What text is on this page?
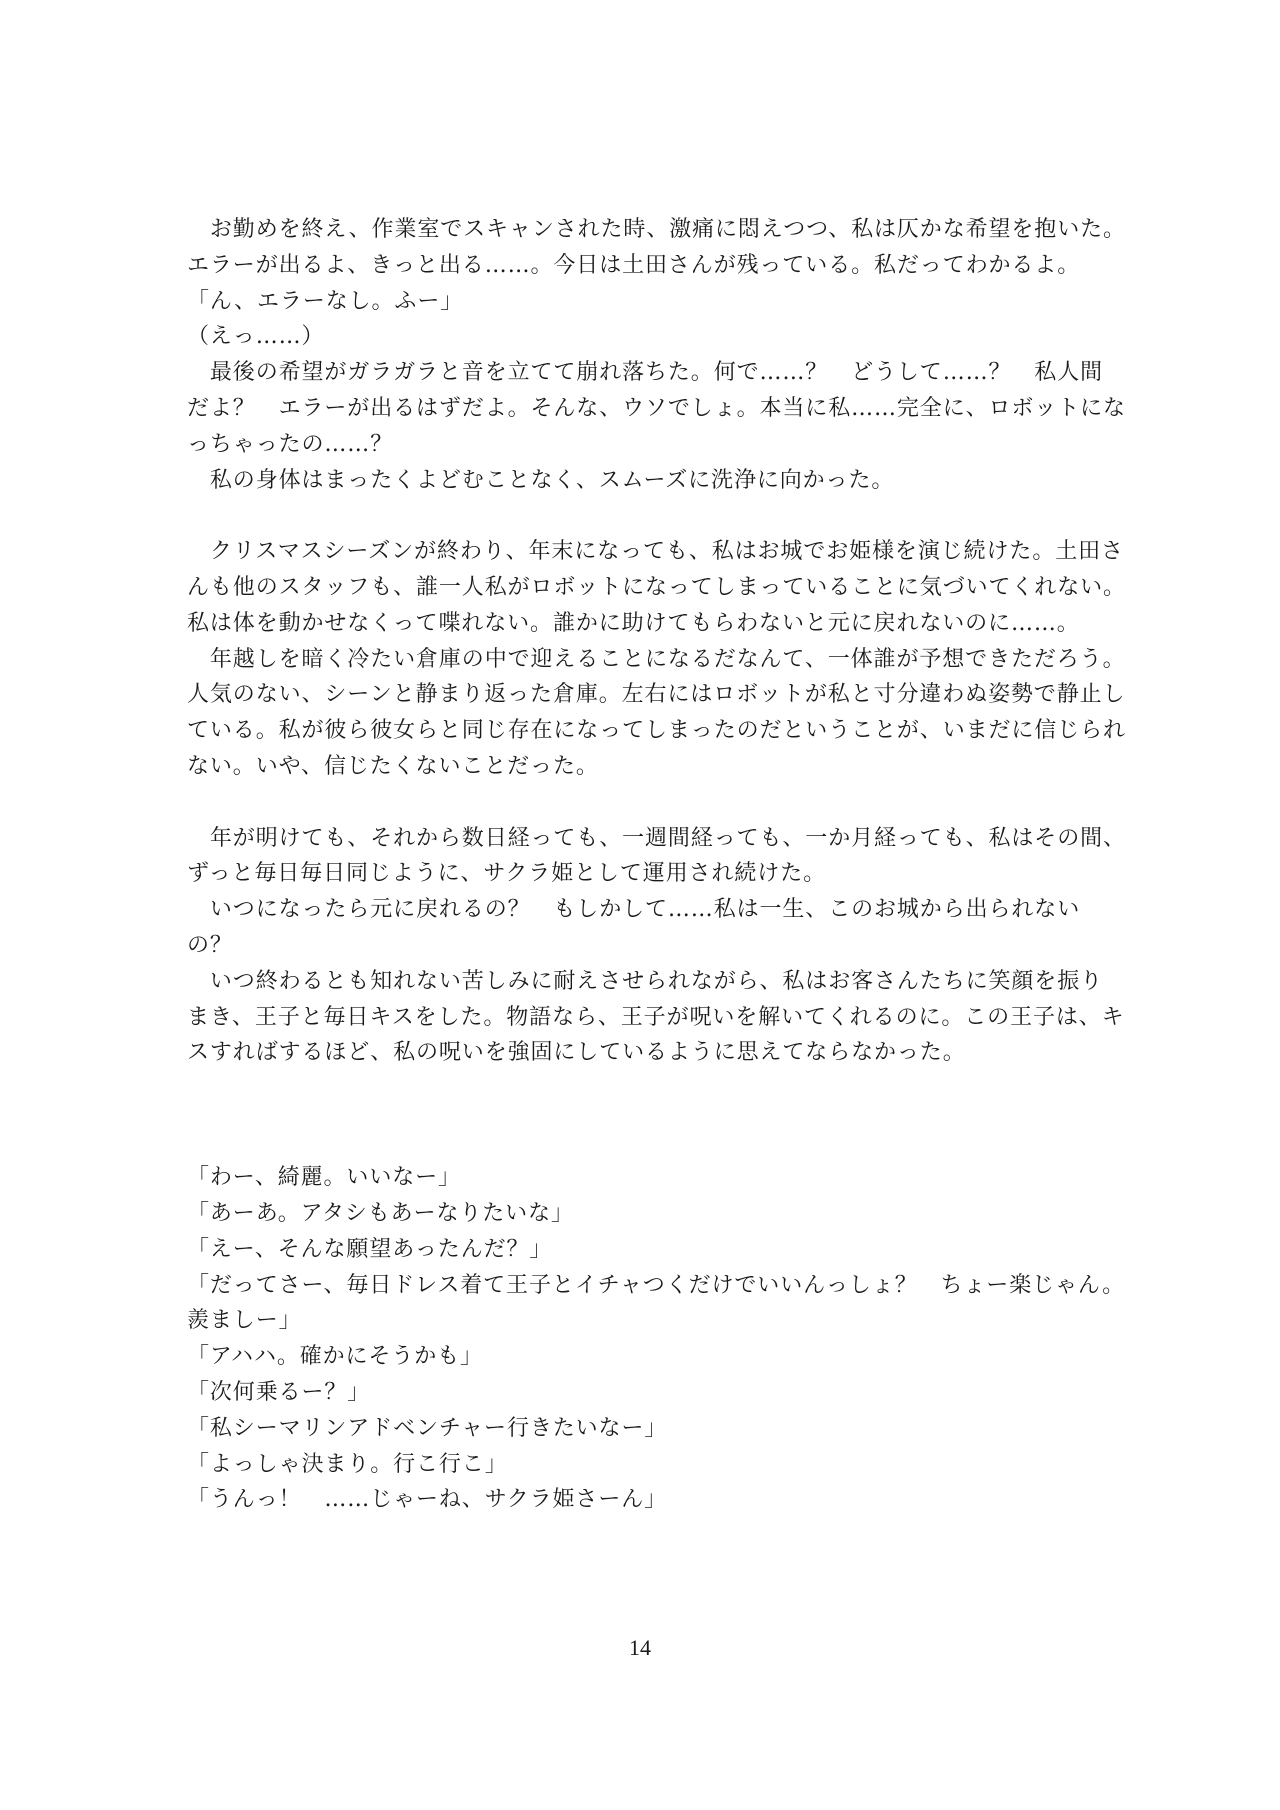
　お勤めを終え、作業室でスキャンされた時、激痛に悶えつつ、私は仄かな希望を抱いた。
エラーが出るよ、きっと出る……。今日は土田さんが残っている。私だってわかるよ。
「ん、エラーなし。ふー」
（えっ……）
　最後の希望がガラガラと音を立てて崩れ落ちた。何で……？　どうして……？　私人間
だよ？　エラーが出るはずだよ。そんな、ウソでしょ。本当に私……完全に、ロボットにな
っちゃったの……？
　私の身体はまったくよどむことなく、スムーズに洗浄に向かった。
　クリスマスシーズンが終わり、年末になっても、私はお城でお姫様を演じ続けた。土田さ
んも他のスタッフも、誰一人私がロボットになってしまっていることに気づいてくれない。
私は体を動かせなくって喋れない。誰かに助けてもらわないと元に戻れないのに……。
　年越しを暗く冷たい倉庫の中で迎えることになるだなんて、一体誰が予想できただろう。
人気のない、シーンと静まり返った倉庫。左右にはロボットが私と寸分違わぬ姿勢で静止し
ている。私が彼ら彼女らと同じ存在になってしまったのだということが、いまだに信じられ
ない。いや、信じたくないことだった。
　年が明けても、それから数日経っても、一週間経っても、一か月経っても、私はその間、
ずっと毎日毎日同じように、サクラ姫として運用され続けた。
　いつになったら元に戻れるの？　もしかして……私は一生、このお城から出られない
の？
　いつ終わるとも知れない苦しみに耐えさせられながら、私はお客さんたちに笑顔を振り
まき、王子と毎日キスをした。物語なら、王子が呪いを解いてくれるのに。この王子は、キ
スすればするほど、私の呪いを強固にしているように思えてならなかった。
「わー、綺麗。いいなー」
「あーあ。アタシもあーなりたいな」
「えー、そんな願望あったんだ？」
「だってさー、毎日ドレス着て王子とイチャつくだけでいいんっしょ？　ちょー楽じゃん。
羨ましー」
「アハハ。確かにそうかも」
「次何乗るー？」
「私シーマリンアドベンチャー行きたいなー」
「よっしゃ決まり。行こ行こ」
「うんっ！　……じゃーね、サクラ姫さーん」
14
